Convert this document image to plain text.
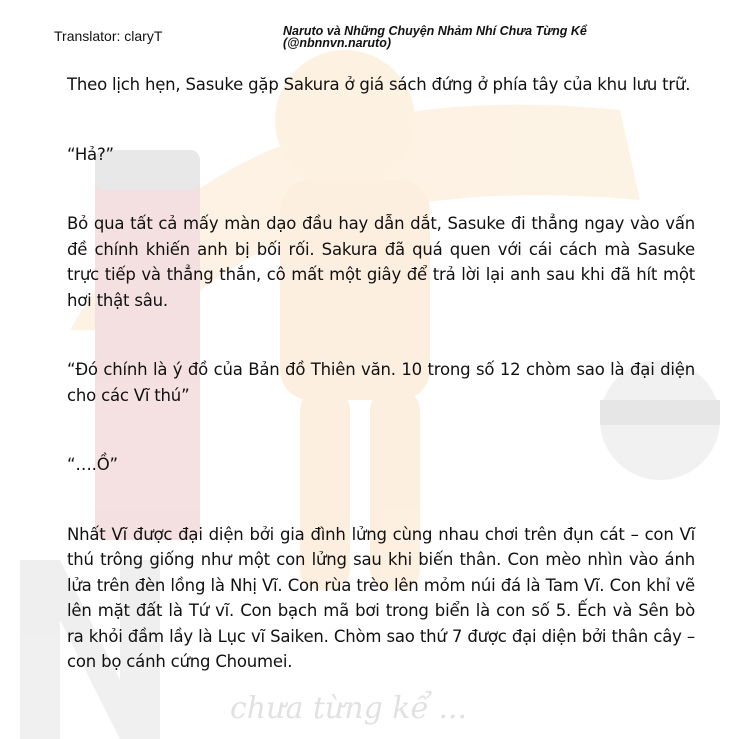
chưa từng kể ...
Translator: claryT	Naruto và Những Chuyện Nhảm Nhí Chưa Từng Kể
(@nbnnvn.naruto)

Theo lịch hẹn, Sasuke gặp Sakura ở giá sách đứng ở phía tây của khu lưu trữ.

“Hả?”

Bỏ qua tất cả mấy màn dạo đầu hay dẫn dắt, Sasuke đi thẳng ngay vào vấn đề chính khiến anh bị bối rối. Sakura đã quá quen với cái cách mà Sasuke trực tiếp và thẳng thắn, cô mất một giây để trả lời lại anh sau khi đã hít một hơi thật sâu.

“Đó chính là ý đồ của Bản đồ Thiên văn. 10 trong số 12 chòm sao là đại diện cho các Vĩ thú”

“….Ồ”

Nhất Vĩ được đại diện bởi gia đình lửng cùng nhau chơi trên đụn cát – con Vĩ thú trông giống như một con lửng sau khi biến thân. Con mèo nhìn vào ánh lửa trên đèn lồng là Nhị Vĩ. Con rùa trèo lên mỏm núi đá là Tam Vĩ. Con khỉ vẽ lên mặt đất là Tứ vĩ. Con bạch mã bơi trong biển là con số 5. Ếch và Sên bò ra khỏi đầm lầy là Lục vĩ Saiken. Chòm sao thứ 7 được đại diện bởi thân cây – con bọ cánh cứng Choumei.
